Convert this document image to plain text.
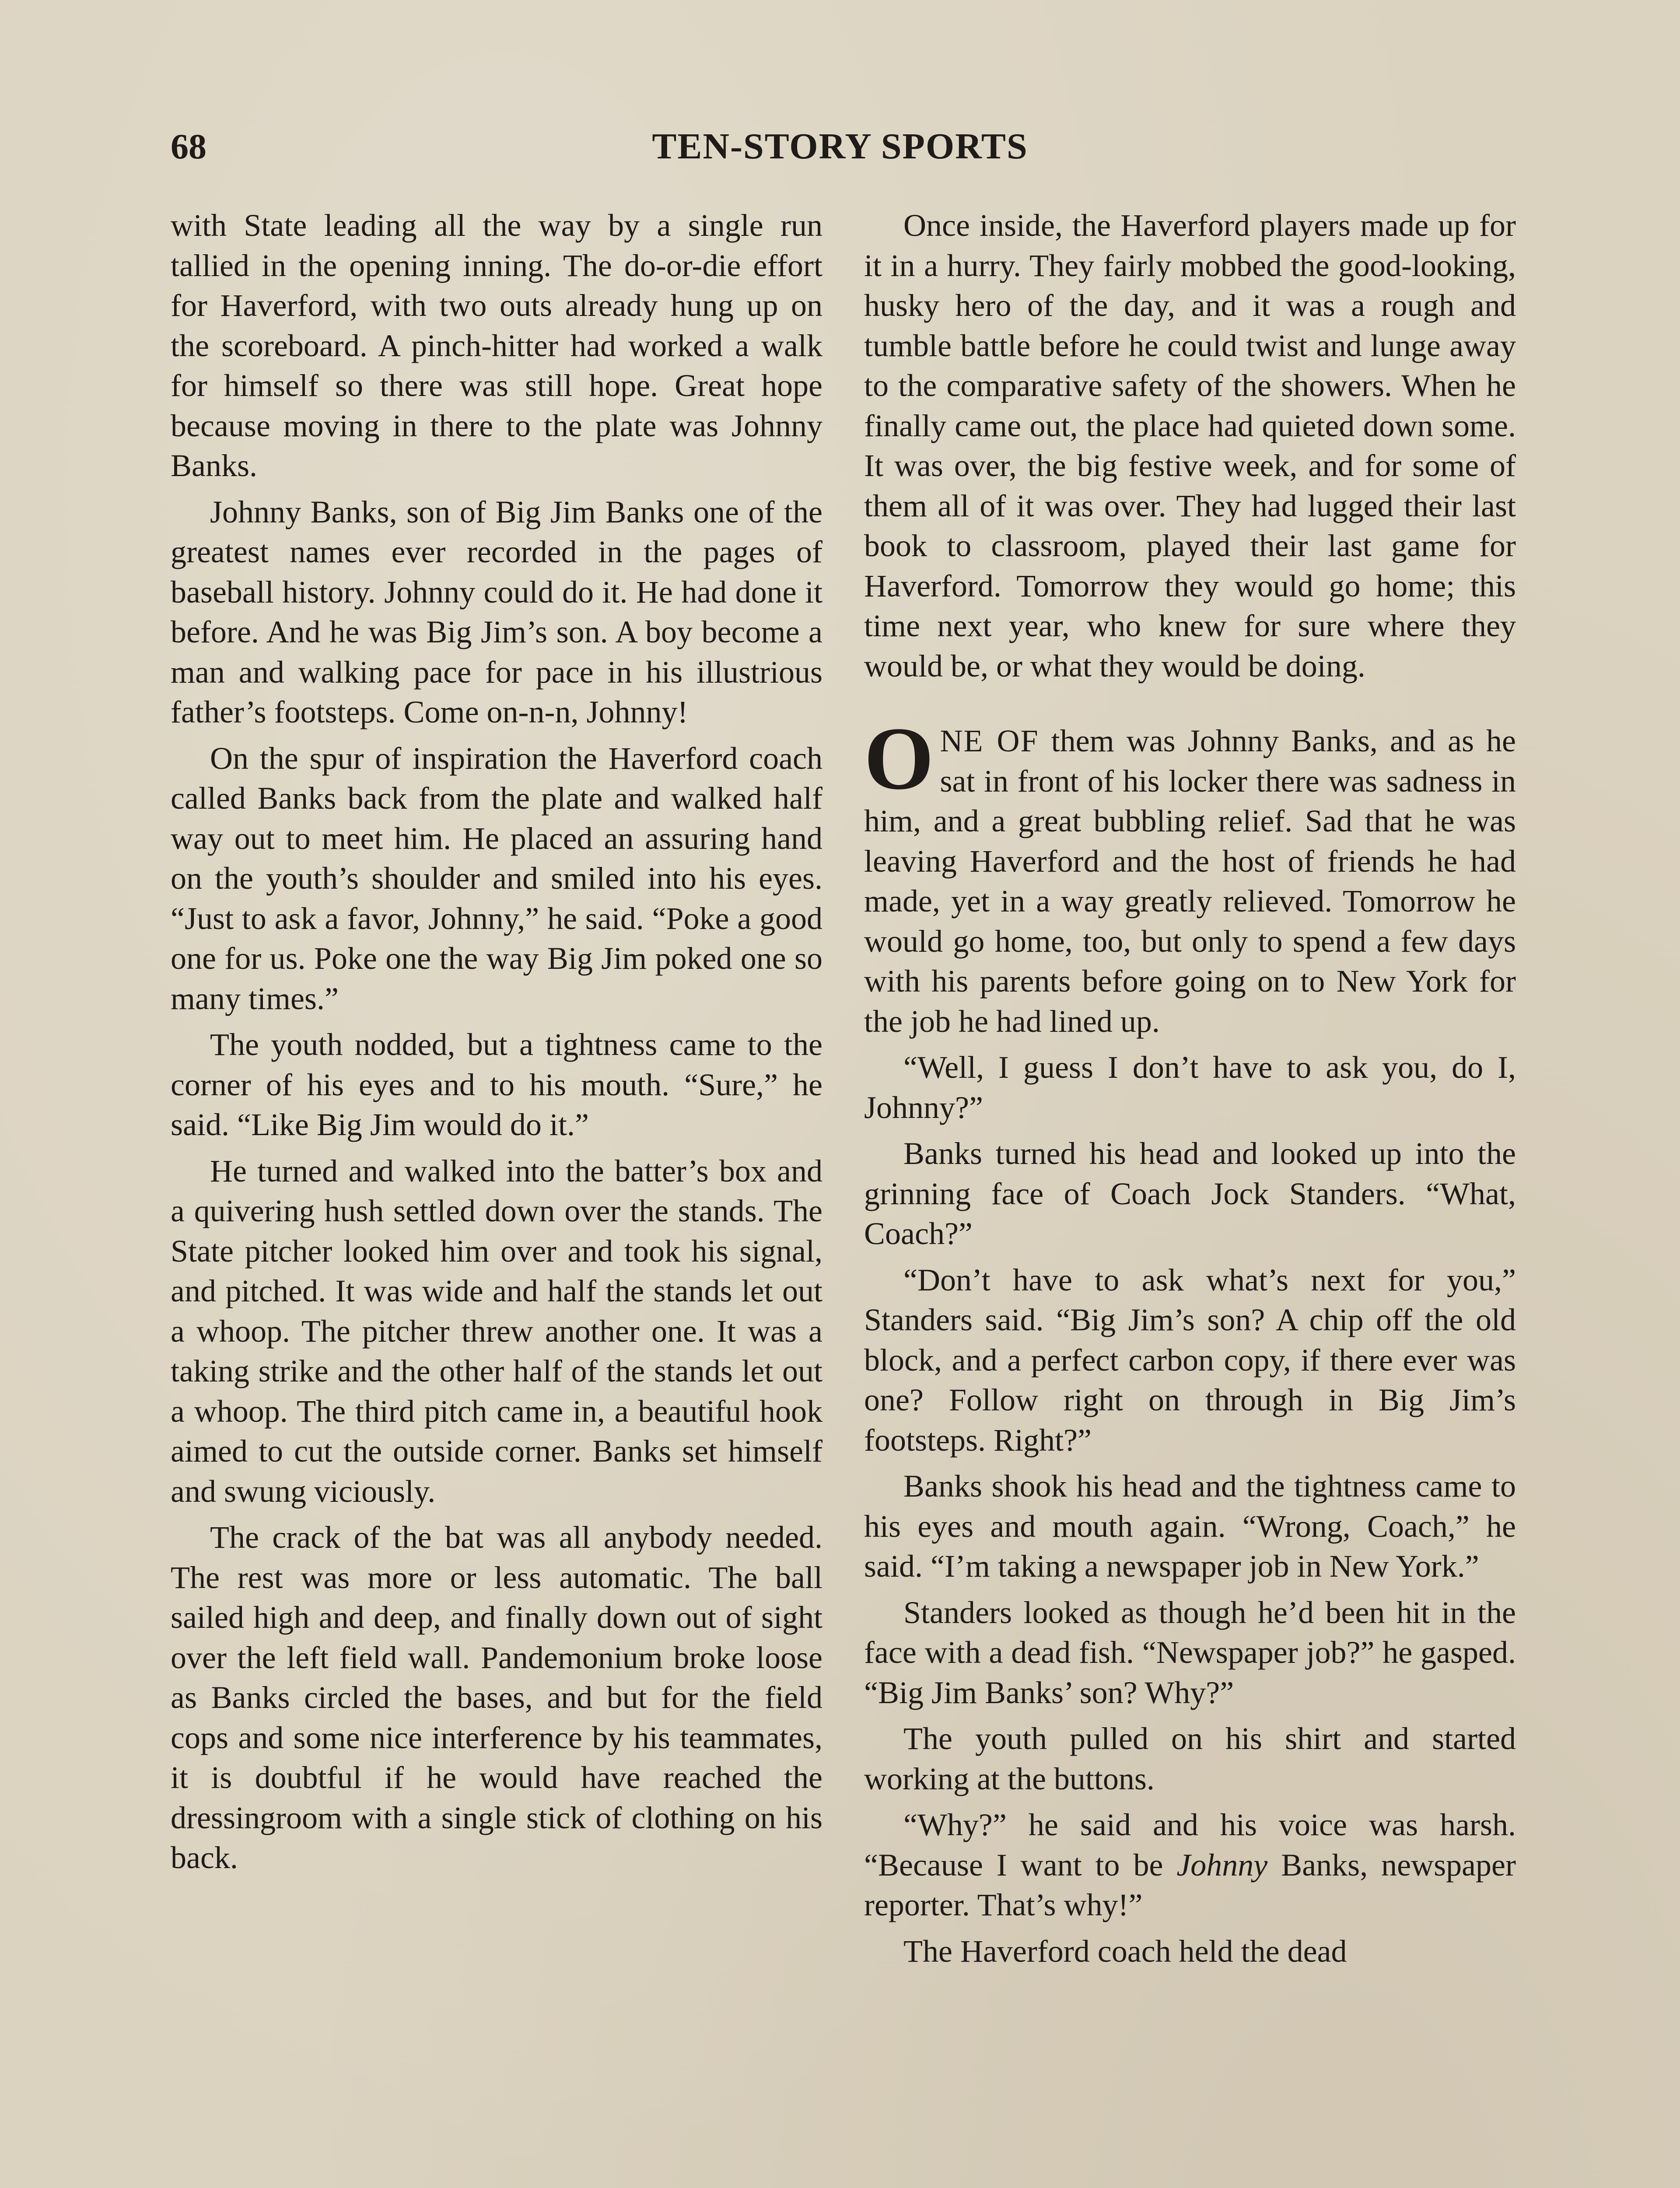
68	TEN-STORY SPORTS

with State leading all the way by a single run tallied in the opening inning. The do-or-die effort for Haverford, with two outs already hung up on the scoreboard. A pinch-hitter had worked a walk for himself so there was still hope. Great hope because moving in there to the plate was Johnny Banks.

Johnny Banks, son of Big Jim Banks one of the greatest names ever recorded in the pages of baseball history. Johnny could do it. He had done it before. And he was Big Jim’s son. A boy become a man and walking pace for pace in his illustrious father’s footsteps. Come on-n-n, Johnny!

On the spur of inspiration the Haverford coach called Banks back from the plate and walked half way out to meet him. He placed an assuring hand on the youth’s shoulder and smiled into his eyes. “Just to ask a favor, Johnny,” he said. “Poke a good one for us. Poke one the way Big Jim poked one so many times.”

The youth nodded, but a tightness came to the corner of his eyes and to his mouth. “Sure,” he said. “Like Big Jim would do it.”

He turned and walked into the batter’s box and a quivering hush settled down over the stands. The State pitcher looked him over and took his signal, and pitched. It was wide and half the stands let out a whoop. The pitcher threw another one. It was a taking strike and the other half of the stands let out a whoop. The third pitch came in, a beautiful hook aimed to cut the outside corner. Banks set himself and swung viciously.

The crack of the bat was all anybody needed. The rest was more or less automatic. The ball sailed high and deep, and finally down out of sight over the left field wall. Pandemonium broke loose as Banks circled the bases, and but for the field cops and some nice interference by his teammates, it is doubtful if he would have reached the dressingroom with a single stick of clothing on his back.

Once inside, the Haverford players made up for it in a hurry. They fairly mobbed the good-looking, husky hero of the day, and it was a rough and tumble battle before he could twist and lunge away to the comparative safety of the showers. When he finally came out, the place had quieted down some. It was over, the big festive week, and for some of them all of it was over. They had lugged their last book to classroom, played their last game for Haverford. Tomorrow they would go home; this time next year, who knew for sure where they would be, or what they would be doing.

ONE OF them was Johnny Banks, and as he sat in front of his locker there was sadness in him, and a great bubbling relief. Sad that he was leaving Haverford and the host of friends he had made, yet in a way greatly relieved. Tomorrow he would go home, too, but only to spend a few days with his parents before going on to New York for the job he had lined up.

“Well, I guess I don’t have to ask you, do I, Johnny?”

Banks turned his head and looked up into the grinning face of Coach Jock Standers. “What, Coach?”

“Don’t have to ask what’s next for you,” Standers said. “Big Jim’s son? A chip off the old block, and a perfect carbon copy, if there ever was one? Follow right on through in Big Jim’s footsteps. Right?”

Banks shook his head and the tightness came to his eyes and mouth again. “Wrong, Coach,” he said. “I’m taking a newspaper job in New York.”

Standers looked as though he’d been hit in the face with a dead fish. “Newspaper job?” he gasped. “Big Jim Banks’ son? Why?”

The youth pulled on his shirt and started working at the buttons.

“Why?” he said and his voice was harsh. “Because I want to be Johnny Banks, newspaper reporter. That’s why!”

The Haverford coach held the dead
